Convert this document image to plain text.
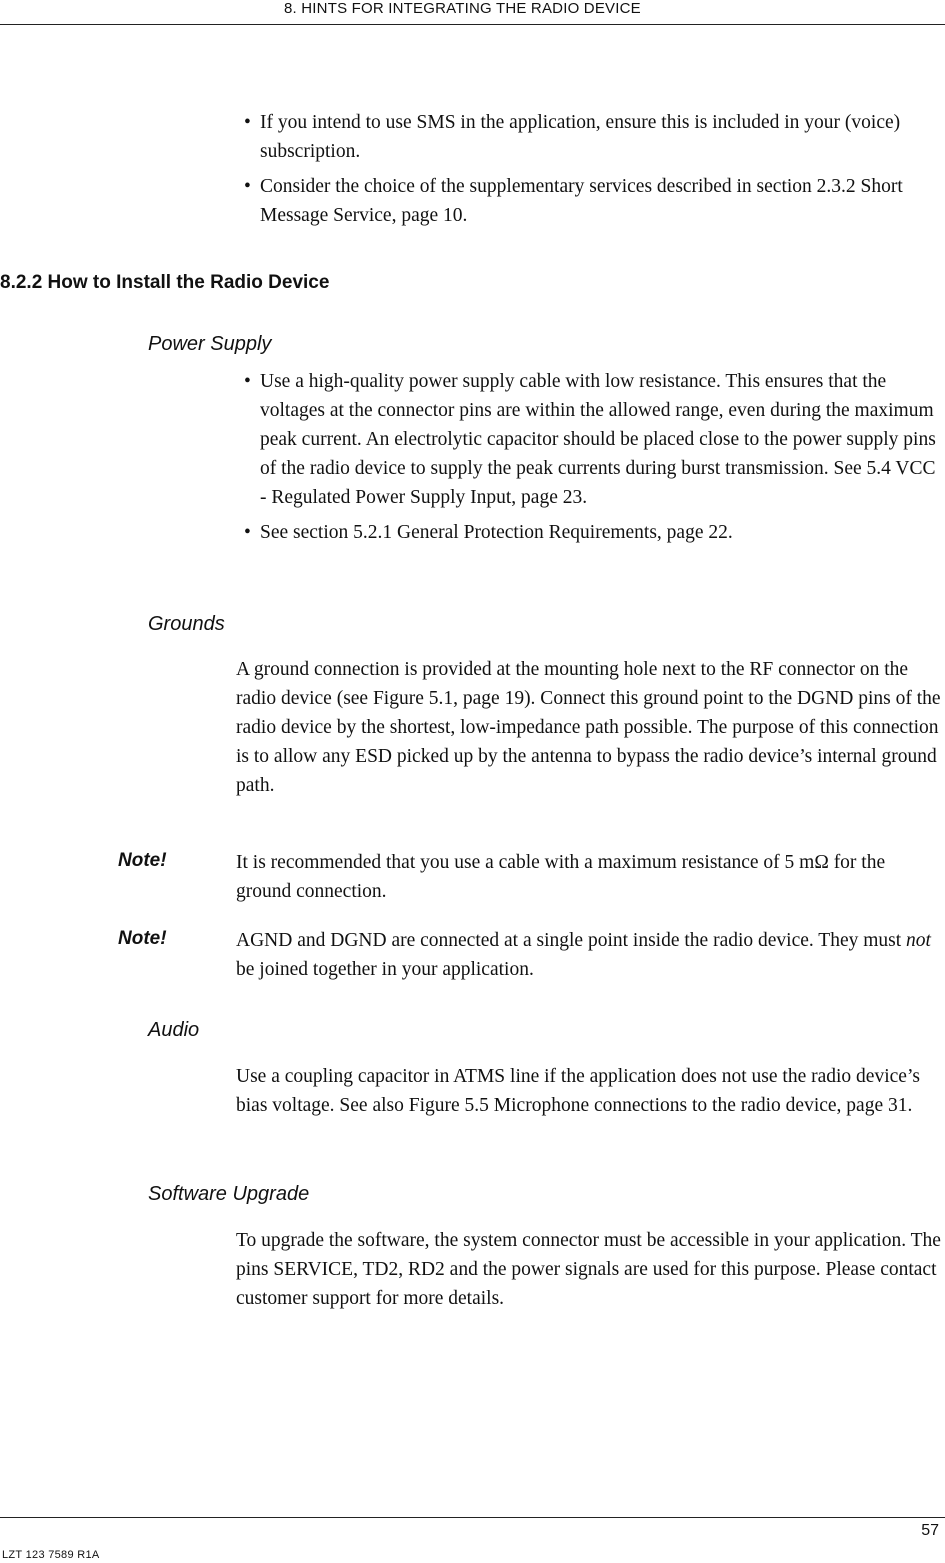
8. HINTS FOR INTEGRATING THE RADIO DEVICE
• If you intend to use SMS in the application, ensure this is included in your (voice) subscription.
• Consider the choice of the supplementary services described in section 2.3.2 Short Message Service, page 10.
8.2.2 How to Install the Radio Device
Power Supply
• Use a high-quality power supply cable with low resistance. This ensures that the voltages at the connector pins are within the allowed range, even during the maximum peak current. An electrolytic capacitor should be placed close to the power supply pins of the radio device to supply the peak currents during burst transmission. See 5.4 VCC - Regulated Power Supply Input, page 23.
• See section 5.2.1 General Protection Requirements, page 22.
Grounds

A ground connection is provided at the mounting hole next to the RF connector on the radio device (see Figure 5.1, page 19). Connect this ground point to the DGND pins of the radio device by the shortest, low-impedance path possible. The purpose of this connection is to allow any ESD picked up by the antenna to bypass the radio device’s internal ground path.

Note!	It is recommended that you use a cable with a maximum resistance of 5 mΩ for the ground connection.

Note!	AGND and DGND are connected at a single point inside the radio device. They must not be joined together in your application.

Audio

Use a coupling capacitor in ATMS line if the application does not use the radio device’s bias voltage. See also Figure 5.5 Microphone connections to the radio device, page 31.

Software Upgrade

To upgrade the software, the system connector must be accessible in your application. The pins SERVICE, TD2, RD2 and the power signals are used for this purpose. Please contact customer support for more details.

57
LZT 123 7589 R1A
